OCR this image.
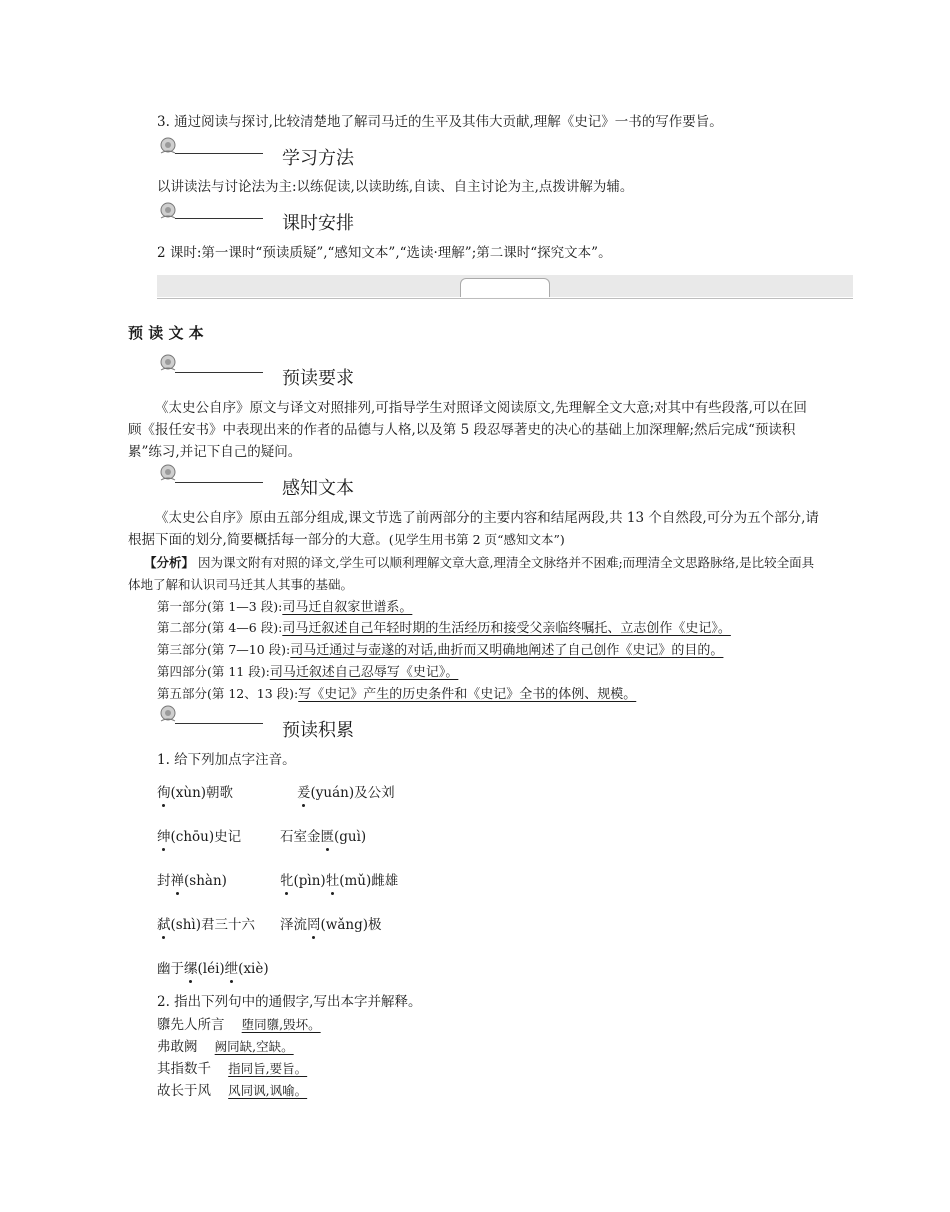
3. 通过阅读与探讨,比较清楚地了解司马迁的生平及其伟大贡献,理解《史记》一书的写作要旨。
学习方法
以讲读法与讨论法为主:以练促读,以读助练,自读、自主讨论为主,点拨讲解为辅。
课时安排
2 课时:第一课时“预读质疑”,“感知文本”,“选读·理解”;第二课时“探究文本”。
预 读 文 本
预读要求
《太史公自序》原文与译文对照排列,可指导学生对照译文阅读原文,先理解全文大意;对其中有些段落,可以在回顾《报任安书》中表现出来的作者的品德与人格,以及第 5 段忍辱著史的决心的基础上加深理解;然后完成“预读积累”练习,并记下自己的疑问。
感知文本
《太史公自序》原由五部分组成,课文节选了前两部分的主要内容和结尾两段,共 13 个自然段,可分为五个部分,请根据下面的划分,简要概括每一部分的大意。(见学生用书第 2 页“感知文本”)
【分析】 因为课文附有对照的译文,学生可以顺利理解文章大意,理清全文脉络并不困难;而理清全文思路脉络,是比较全面具体地了解和认识司马迁其人其事的基础。
第一部分(第 1—3 段):司马迁自叙家世谱系。
第二部分(第 4—6 段):司马迁叙述自己年轻时期的生活经历和接受父亲临终嘱托、立志创作《史记》。
第三部分(第 7—10 段):司马迁通过与壶遂的对话,曲折而又明确地阐述了自己创作《史记》的目的。
第四部分(第 11 段):司马迁叙述自己忍辱写《史记》。
第五部分(第 12、13 段):写《史记》产生的历史条件和《史记》全书的体例、规模。
预读积累
1. 给下列加点字注音。
徇(xùn)朝歌	爰(yuán)及公刘
绅(chōu)史记	石室金匮(guì)
封禅(shàn)	牝(pìn)牡(mǔ)雌雄
弑(shì)君三十六 泽流罔(wǎng)极
幽于缧(léi)绁(xiè)
2. 指出下列句中的通假字,写出本字并解释。
隳先人所言 堕同隳,毁坏。
弗敢阙 阙同缺,空缺。
其指数千 指同旨,要旨。
故长于风 风同讽,讽喻。
